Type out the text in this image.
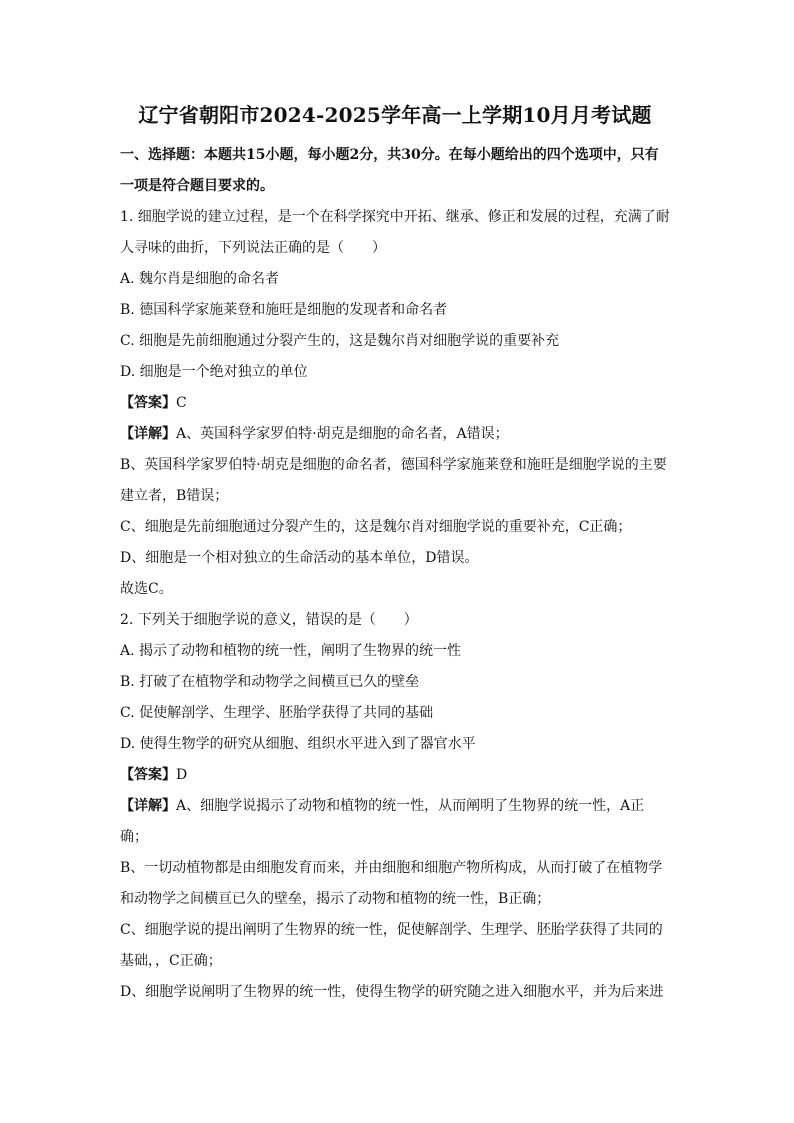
辽宁省朝阳市2024-2025学年高一上学期10月月考试题
一、选择题：本题共15小题，每小题2分，共30分。在每小题给出的四个选项中，只有一项是符合题目要求的。

1. 细胞学说的建立过程，是一个在科学探究中开拓、继承、修正和发展的过程，充满了耐人寻味的曲折，下列说法正确的是（　　）

A. 魏尔肖是细胞的命名者

B. 德国科学家施莱登和施旺是细胞的发现者和命名者

C. 细胞是先前细胞通过分裂产生的，这是魏尔肖对细胞学说的重要补充

D. 细胞是一个绝对独立的单位

【答案】C

【详解】A、英国科学家罗伯特·胡克是细胞的命名者，A错误；

B、英国科学家罗伯特·胡克是细胞的命名者，德国科学家施莱登和施旺是细胞学说的主要建立者，B错误；

C、细胞是先前细胞通过分裂产生的，这是魏尔肖对细胞学说的重要补充，C正确；

D、细胞是一个相对独立的生命活动的基本单位，D错误。

故选C。

2. 下列关于细胞学说的意义，错误的是（　　）

A. 揭示了动物和植物的统一性，阐明了生物界的统一性

B. 打破了在植物学和动物学之间横亘已久的壁垒

C. 促使解剖学、生理学、胚胎学获得了共同的基础

D. 使得生物学的研究从细胞、组织水平进入到了器官水平

【答案】D

【详解】A、细胞学说揭示了动物和植物的统一性，从而阐明了生物界的统一性，A正确；

B、一切动植物都是由细胞发育而来，并由细胞和细胞产物所构成，从而打破了在植物学和动物学之间横亘已久的壁垒，揭示了动物和植物的统一性，B正确；

C、细胞学说的提出阐明了生物界的统一性，促使解剖学、生理学、胚胎学获得了共同的基础，，C正确；

D、细胞学说阐明了生物界的统一性，使得生物学的研究随之进入细胞水平，并为后来进
